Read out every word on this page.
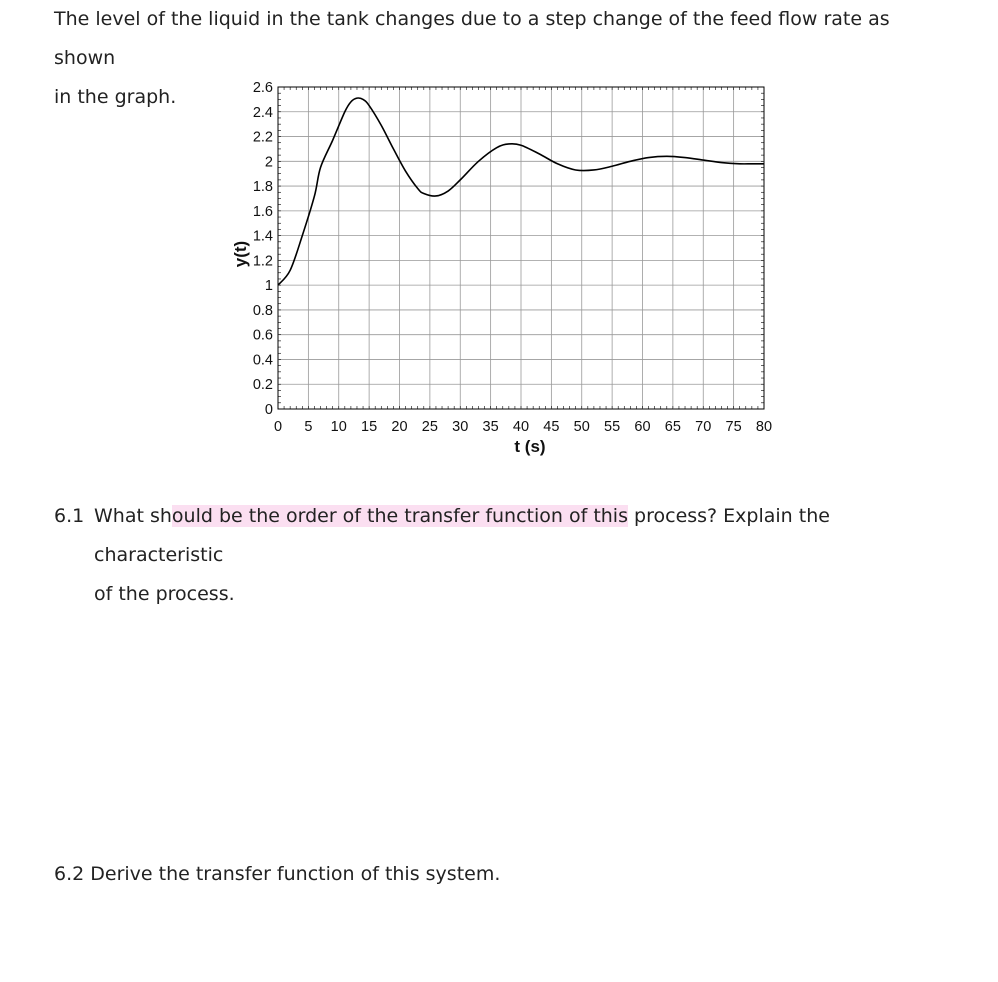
The level of the liquid in the tank changes due to a step change of the feed flow rate as shown
in the graph.

0
0.2
0.4
0.6
0.8
1
1.2
1.4
1.6
1.8
2
2.2
2.4
2.6
0 5 10 15 20 25 30 35 40 45 50 55 60 65 70 75 80
t (s)
y(t)
6.1 What should be the order of the transfer function of this process? Explain the characteristic
of the process.

6.2 Derive the transfer function of this system.
